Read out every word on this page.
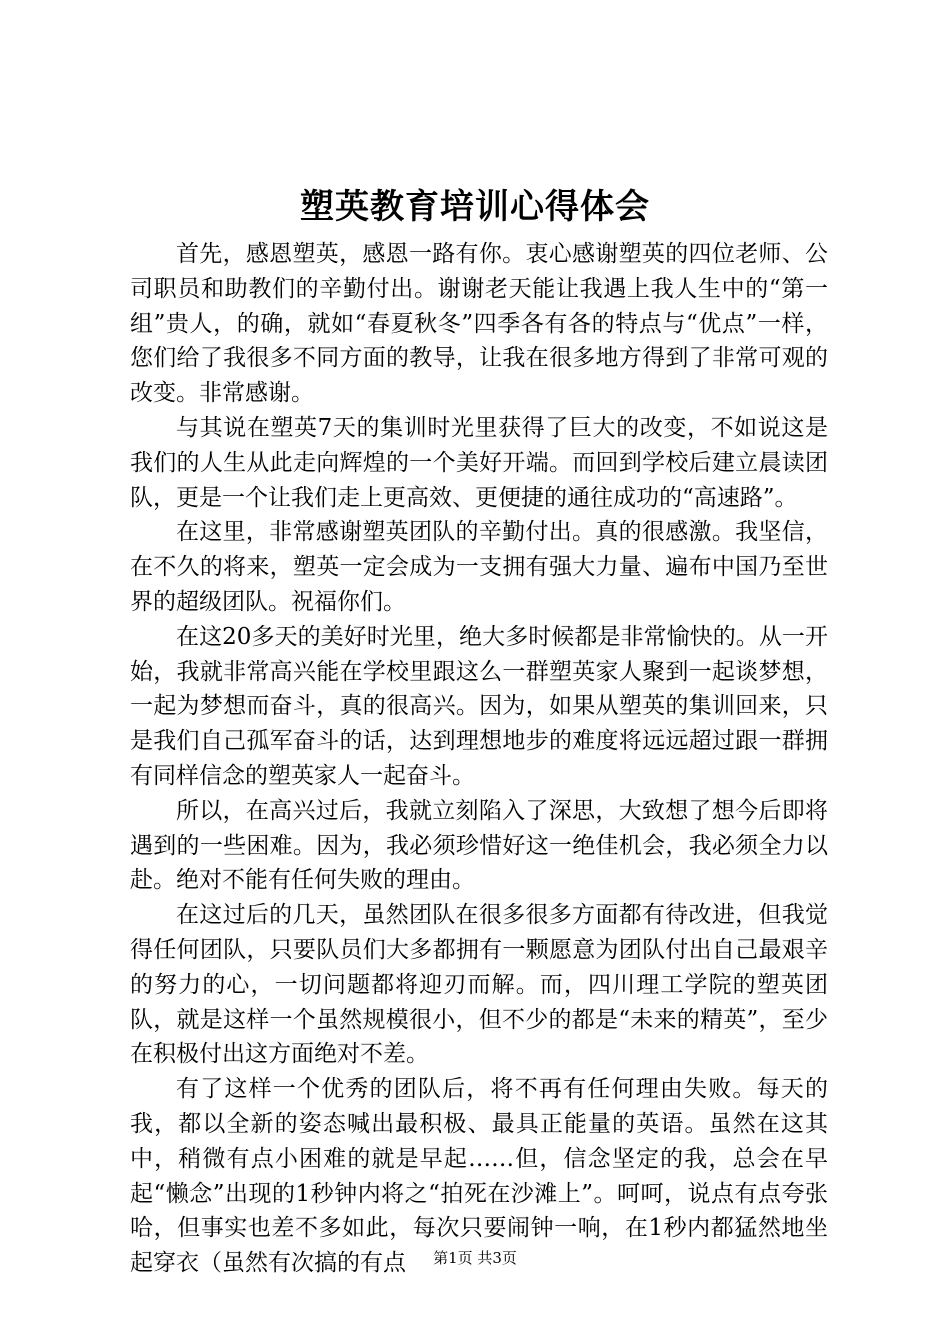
塑英教育培训心得体会

首先，感恩塑英，感恩一路有你。衷心感谢塑英的四位老师、公司职员和助教们的辛勤付出。谢谢老天能让我遇上我人生中的“第一组”贵人，的确，就如“春夏秋冬”四季各有各的特点与“优点”一样，您们给了我很多不同方面的教导，让我在很多地方得到了非常可观的改变。非常感谢。

与其说在塑英7天的集训时光里获得了巨大的改变，不如说这是我们的人生从此走向辉煌的一个美好开端。而回到学校后建立晨读团队，更是一个让我们走上更高效、更便捷的通往成功的“高速路”。

在这里，非常感谢塑英团队的辛勤付出。真的很感激。我坚信，在不久的将来，塑英一定会成为一支拥有强大力量、遍布中国乃至世界的超级团队。祝福你们。

在这20多天的美好时光里，绝大多时候都是非常愉快的。从一开始，我就非常高兴能在学校里跟这么一群塑英家人聚到一起谈梦想，一起为梦想而奋斗，真的很高兴。因为，如果从塑英的集训回来，只是我们自己孤军奋斗的话，达到理想地步的难度将远远超过跟一群拥有同样信念的塑英家人一起奋斗。

所以，在高兴过后，我就立刻陷入了深思，大致想了想今后即将遇到的一些困难。因为，我必须珍惜好这一绝佳机会，我必须全力以赴。绝对不能有任何失败的理由。

在这过后的几天，虽然团队在很多很多方面都有待改进，但我觉得任何团队，只要队员们大多都拥有一颗愿意为团队付出自己最艰辛的努力的心，一切问题都将迎刃而解。而，四川理工学院的塑英团队，就是这样一个虽然规模很小，但不少的都是“未来的精英”，至少在积极付出这方面绝对不差。

有了这样一个优秀的团队后，将不再有任何理由失败。每天的我，都以全新的姿态喊出最积极、最具正能量的英语。虽然在这其中，稍微有点小困难的就是早起……但，信念坚定的我，总会在早起“懒念”出现的1秒钟内将之“拍死在沙滩上”。呵呵，说点有点夸张哈，但事实也差不多如此，每次只要闹钟一响，在1秒内都猛然地坐起穿衣（虽然有次搞的有点	第1页 共3页
